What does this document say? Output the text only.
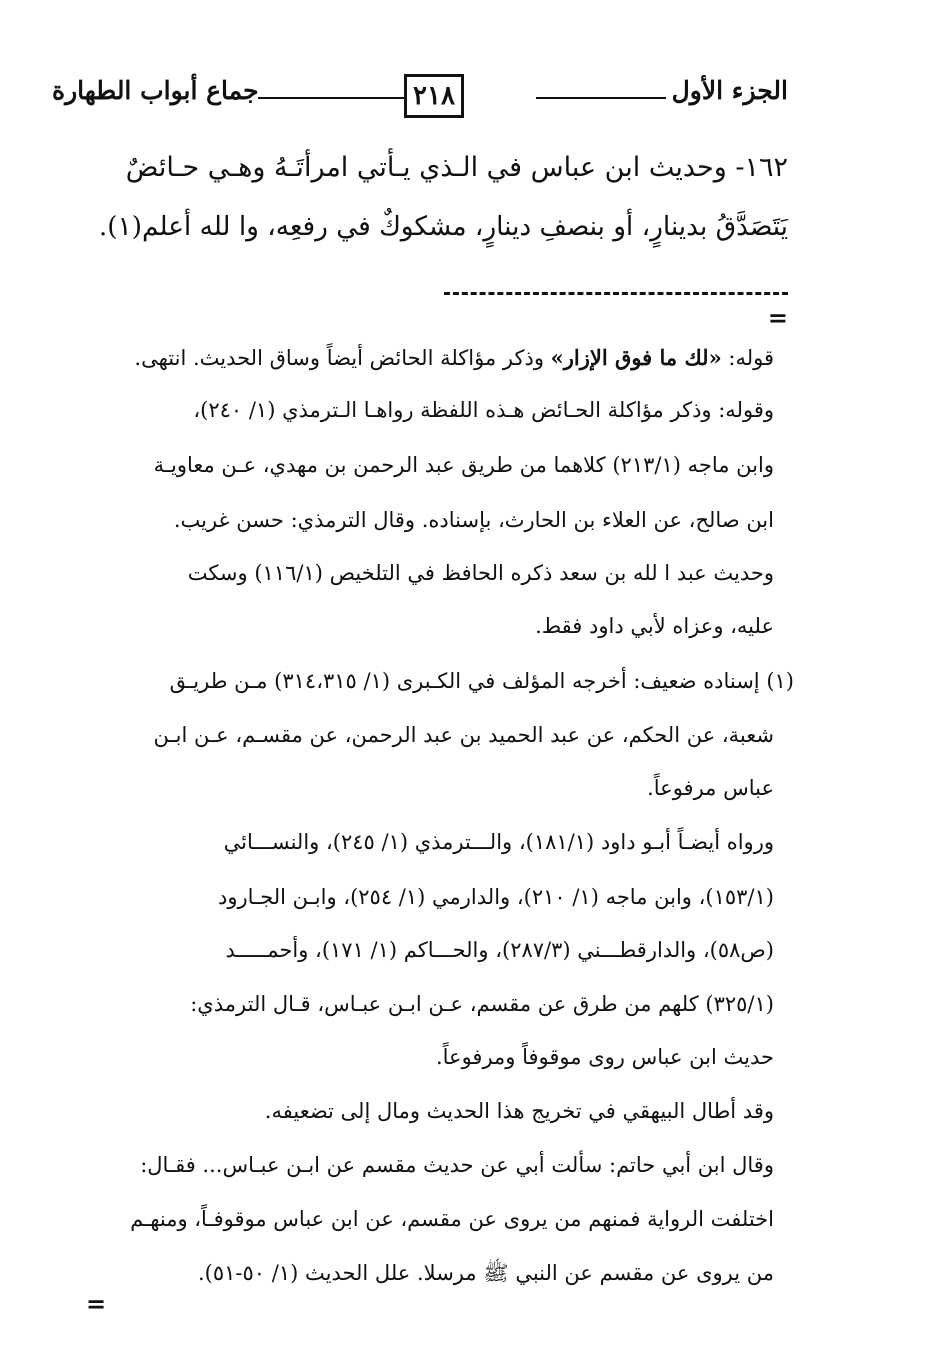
الجزء الأول
٢١٨
جماع أبواب الطهارة
١٦٢- وحديث ابن عباس في الـذي يـأتي امرأتَـهُ وهـي حـائضٌ
يَتَصَدَّقُ بدينارٍ، أو بنصفِ دينارٍ، مشكوكٌ في رفعِه، وا لله أعلم(١).
=
قوله: «لك ما فوق الإزار» وذكر مؤاكلة الحائض أيضاً وساق الحديث. انتهى.
وقوله: وذكر مؤاكلة الحـائض هـذه اللفظة رواهـا الـترمذي (١/ ٢٤٠)،
وابن ماجه (٢١٣/١) كلاهما من طريق عبد الرحمن بن مهدي، عـن معاويـة
ابن صالح، عن العلاء بن الحارث، بإسناده. وقال الترمذي: حسن غريب.
وحديث عبد ا لله بن سعد ذكره الحافظ في التلخيص (١١٦/١) وسكت
عليه، وعزاه لأبي داود فقط.
(١) إسناده ضعيف: أخرجه المؤلف في الكـبرى (١/ ٣١٤،٣١٥) مـن طريـق
شعبة، عن الحكم، عن عبد الحميد بن عبد الرحمن، عن مقسـم، عـن ابـن
عباس مرفوعاً.
ورواه أيضـاً أبـو داود (١٨١/١)، والـــترمذي (١/ ٢٤٥)، والنســـائي
(١٥٣/١)، وابن ماجه (١/ ٢١٠)، والدارمي (١/ ٢٥٤)، وابـن الجـارود
(ص٥٨)، والدارقطـــني (٢٨٧/٣)، والحـــاكم (١/ ١٧١)، وأحمـــــد
(٣٢٥/١) كلهم من طرق عن مقسم، عـن ابـن عبـاس، قـال الترمذي:
حديث ابن عباس روى موقوفاً ومرفوعاً.
وقد أطال البيهقي في تخريج هذا الحديث ومال إلى تضعيفه.
وقال ابن أبي حاتم: سألت أبي عن حديث مقسم عن ابـن عبـاس... فقـال:
اختلفت الرواية فمنهم من يروى عن مقسم، عن ابن عباس موقوفـاً، ومنهـم
من يروى عن مقسم عن النبي ﷺ مرسلا. علل الحديث (١/ ٥٠-٥١).
=
